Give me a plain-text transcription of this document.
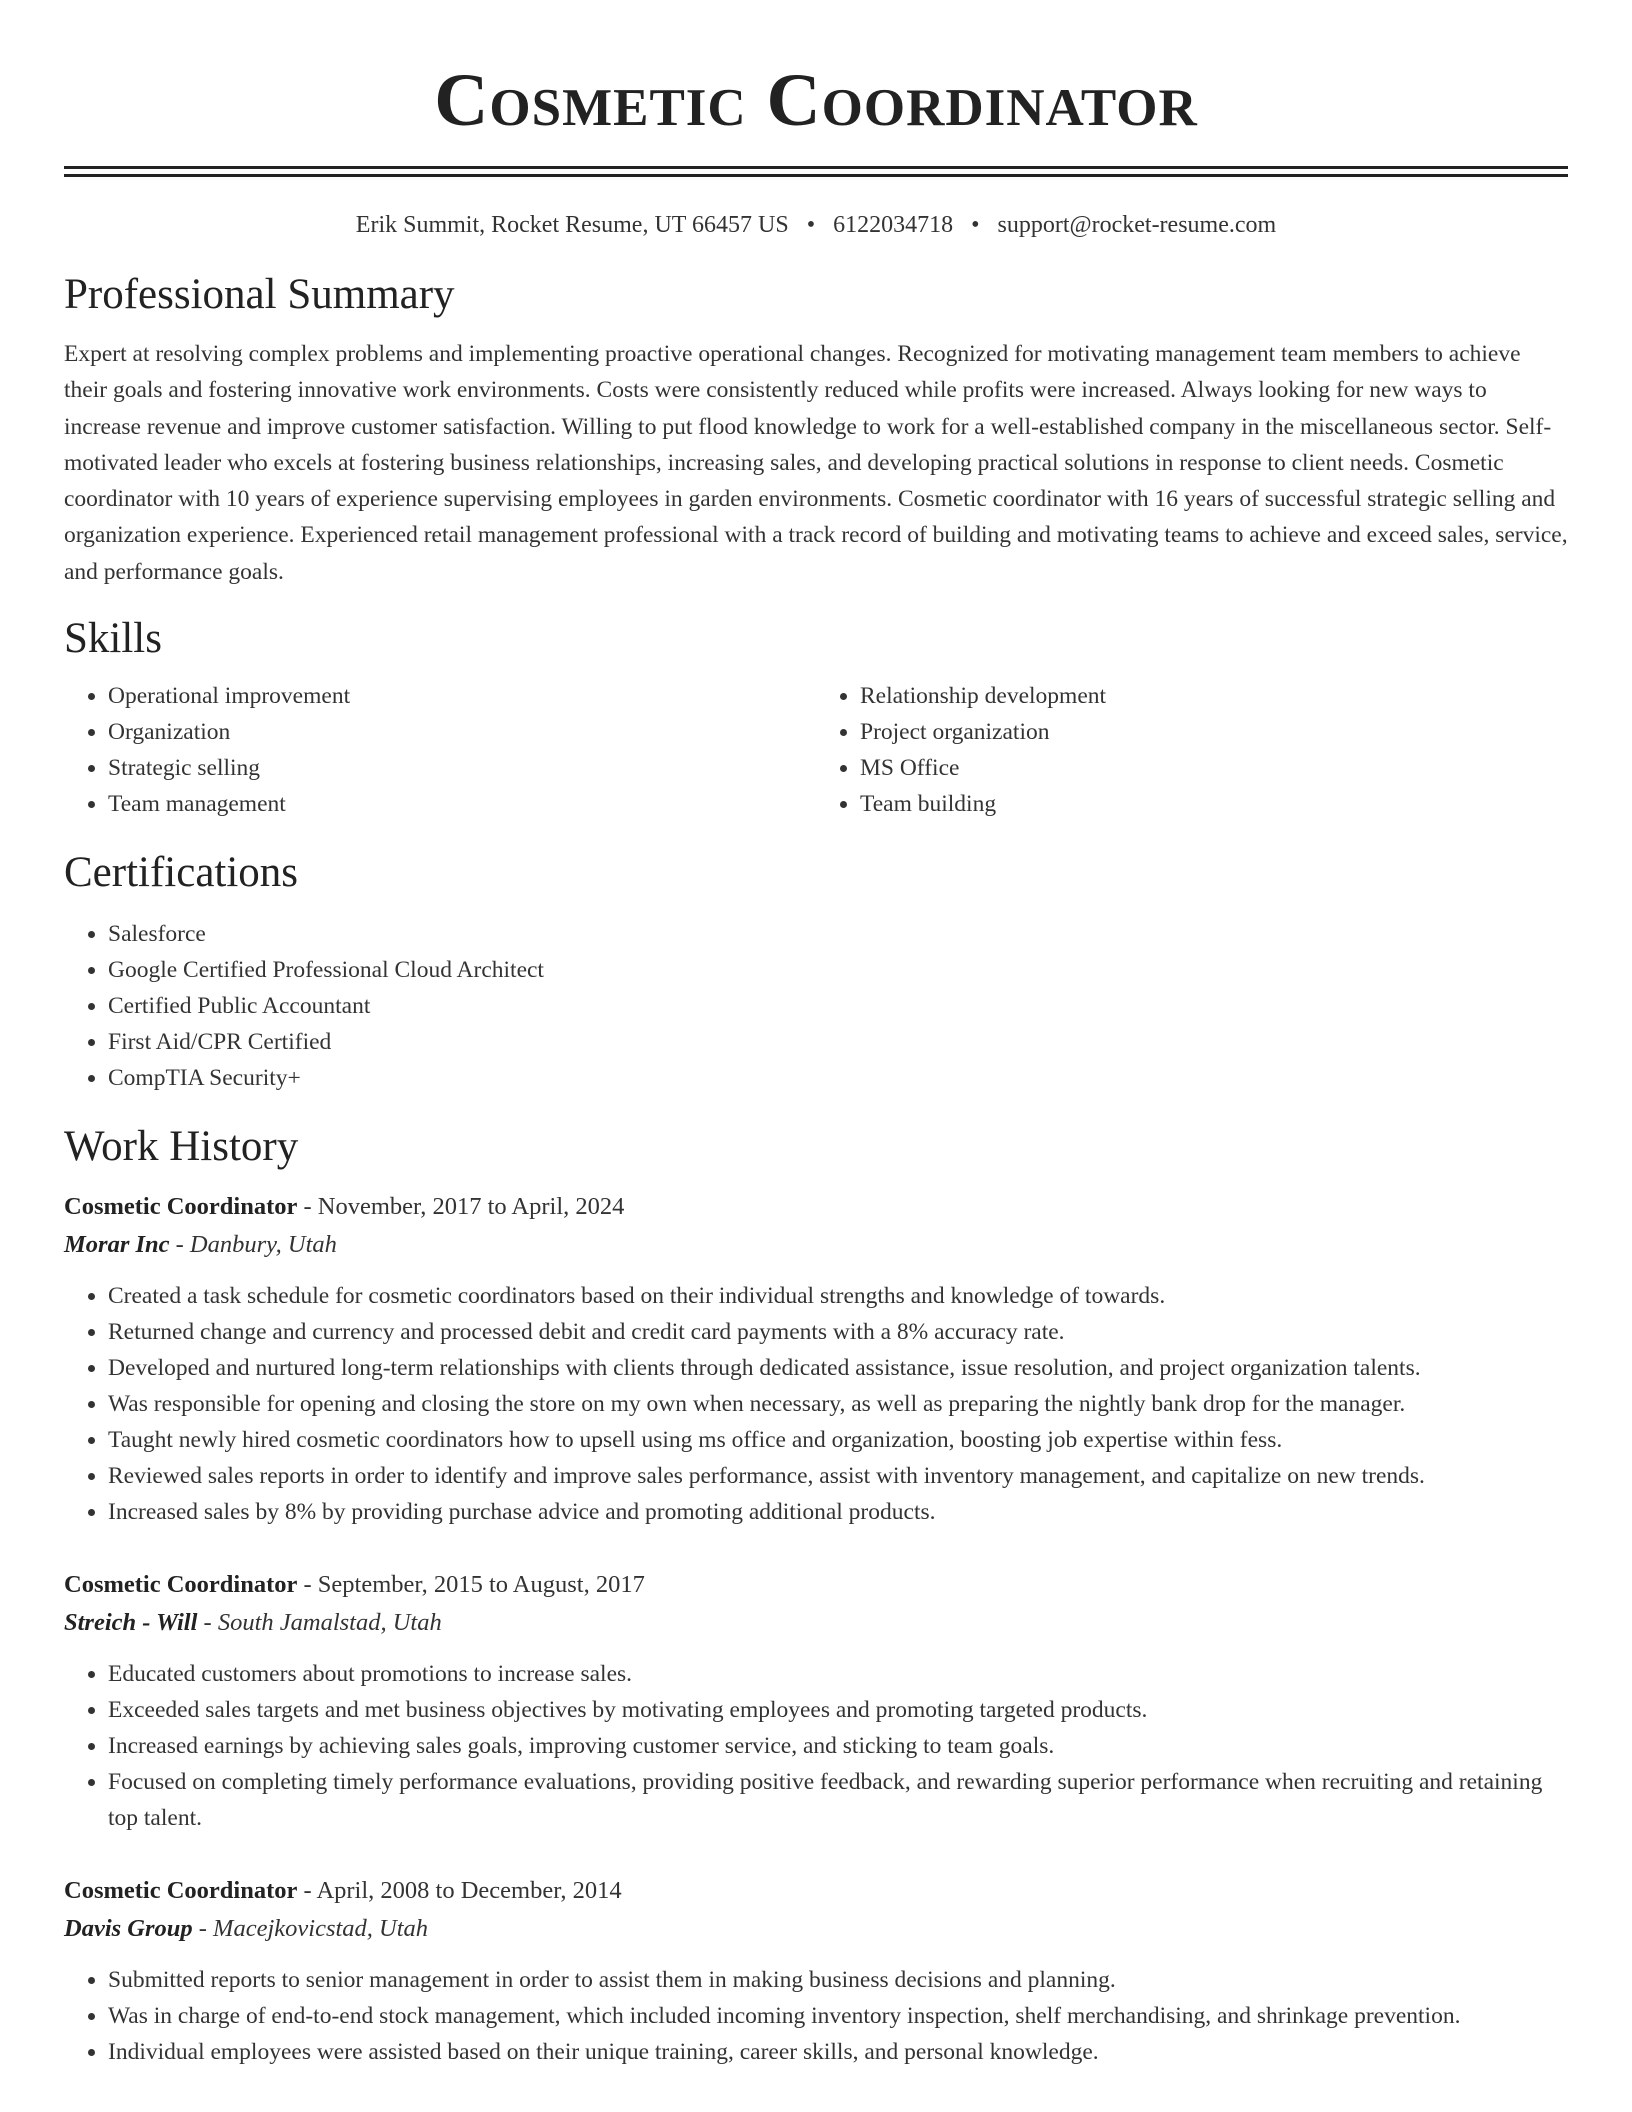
Cosmetic Coordinator
Erik Summit, Rocket Resume, UT 66457 US • 6122034718 • support@rocket-resume.com
Professional Summary
Expert at resolving complex problems and implementing proactive operational changes. Recognized for motivating management team members to achieve their goals and fostering innovative work environments. Costs were consistently reduced while profits were increased. Always looking for new ways to increase revenue and improve customer satisfaction. Willing to put flood knowledge to work for a well-established company in the miscellaneous sector. Self-motivated leader who excels at fostering business relationships, increasing sales, and developing practical solutions in response to client needs. Cosmetic coordinator with 10 years of experience supervising employees in garden environments. Cosmetic coordinator with 16 years of successful strategic selling and organization experience. Experienced retail management professional with a track record of building and motivating teams to achieve and exceed sales, service, and performance goals.
Skills
• Operational improvement
• Organization
• Strategic selling
• Team management
• Relationship development
• Project organization
• MS Office
• Team building
Certifications
• Salesforce
• Google Certified Professional Cloud Architect
• Certified Public Accountant
• First Aid/CPR Certified
• CompTIA Security+
Work History
Cosmetic Coordinator - November, 2017 to April, 2024
Morar Inc - Danbury, Utah
• Created a task schedule for cosmetic coordinators based on their individual strengths and knowledge of towards.
• Returned change and currency and processed debit and credit card payments with a 8% accuracy rate.
• Developed and nurtured long-term relationships with clients through dedicated assistance, issue resolution, and project organization talents.
• Was responsible for opening and closing the store on my own when necessary, as well as preparing the nightly bank drop for the manager.
• Taught newly hired cosmetic coordinators how to upsell using ms office and organization, boosting job expertise within fess.
• Reviewed sales reports in order to identify and improve sales performance, assist with inventory management, and capitalize on new trends.
• Increased sales by 8% by providing purchase advice and promoting additional products.
Cosmetic Coordinator - September, 2015 to August, 2017
Streich - Will - South Jamalstad, Utah
• Educated customers about promotions to increase sales.
• Exceeded sales targets and met business objectives by motivating employees and promoting targeted products.
• Increased earnings by achieving sales goals, improving customer service, and sticking to team goals.
• Focused on completing timely performance evaluations, providing positive feedback, and rewarding superior performance when recruiting and retaining top talent.
Cosmetic Coordinator - April, 2008 to December, 2014
Davis Group - Macejkovicstad, Utah
• Submitted reports to senior management in order to assist them in making business decisions and planning.
• Was in charge of end-to-end stock management, which included incoming inventory inspection, shelf merchandising, and shrinkage prevention.
• Individual employees were assisted based on their unique training, career skills, and personal knowledge.
